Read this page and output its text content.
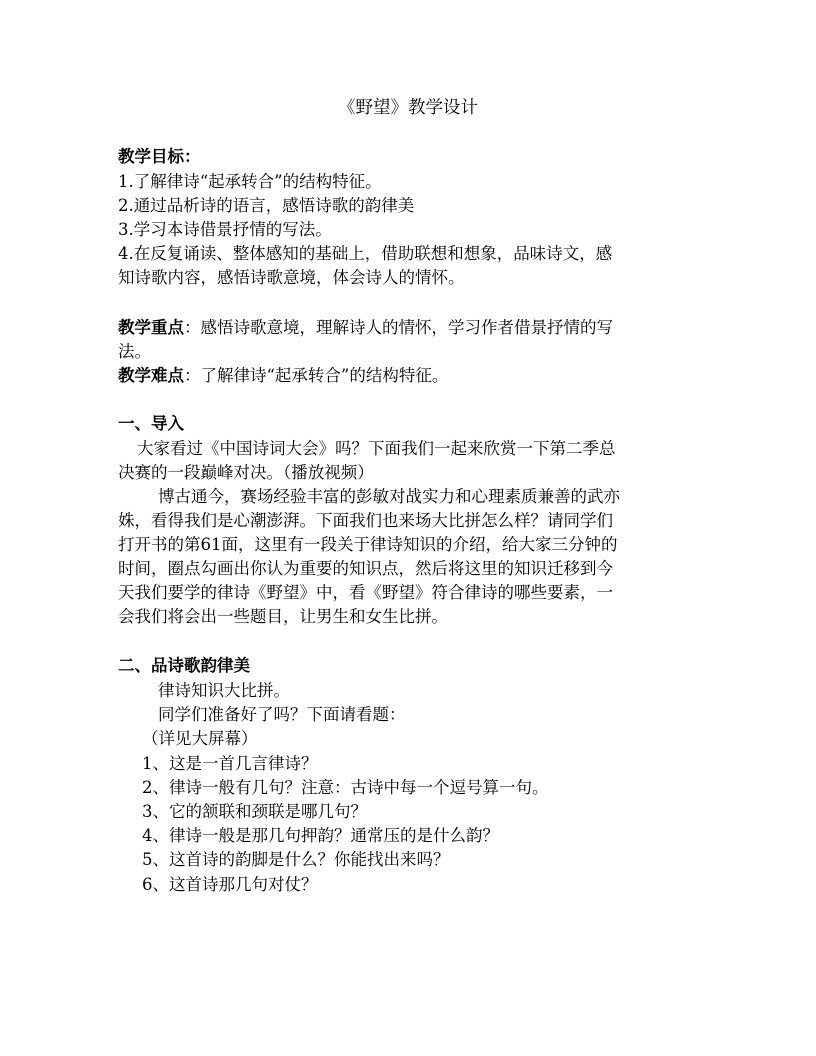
《野望》教学设计
教学目标：
1.了解律诗“起承转合”的结构特征。
2.通过品析诗的语言，感悟诗歌的韵律美
3.学习本诗借景抒情的写法。
4.在反复诵读、整体感知的基础上，借助联想和想象，品味诗文，感
知诗歌内容，感悟诗歌意境，体会诗人的情怀。
教学重点：感悟诗歌意境，理解诗人的情怀，学习作者借景抒情的写
法。
教学难点：了解律诗“起承转合”的结构特征。
一、导入
大家看过《中国诗词大会》吗？下面我们一起来欣赏一下第二季总
决赛的一段巅峰对决。（播放视频）
博古通今，赛场经验丰富的彭敏对战实力和心理素质兼善的武亦
姝，看得我们是心潮澎湃。下面我们也来场大比拼怎么样？请同学们
打开书的第61面，这里有一段关于律诗知识的介绍，给大家三分钟的
时间，圈点勾画出你认为重要的知识点，然后将这里的知识迁移到今
天我们要学的律诗《野望》中，看《野望》符合律诗的哪些要素，一
会我们将会出一些题目，让男生和女生比拼。
二、品诗歌韵律美
律诗知识大比拼。
同学们准备好了吗？下面请看题：
（详见大屏幕）
1、这是一首几言律诗？
2、律诗一般有几句？注意：古诗中每一个逗号算一句。
3、它的颔联和颈联是哪几句？
4、律诗一般是那几句押韵？通常压的是什么韵？
5、这首诗的韵脚是什么？你能找出来吗？
6、这首诗那几句对仗？
